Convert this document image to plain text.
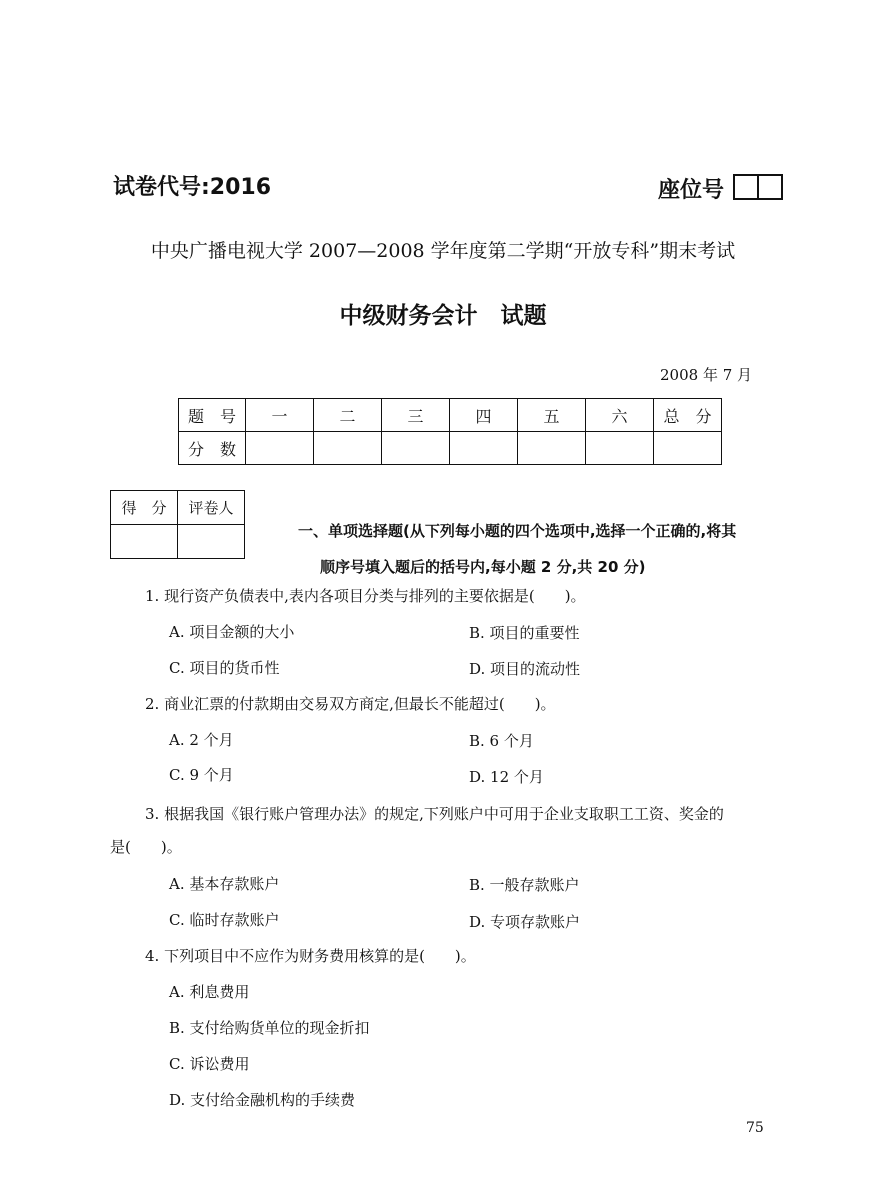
试卷代号:2016	座位号
中央广播电视大学 2007—2008 学年度第二学期“开放专科”期末考试
中级财务会计　试题
2008 年 7 月
题　号	一	二	三	四	五	六	总　分
分　数							
得　分	评卷人

一、单项选择题(从下列每小题的四个选项中,选择一个正确的,将其
顺序号填入题后的括号内,每小题 2 分,共 20 分)
1. 现行资产负债表中,表内各项目分类与排列的主要依据是(　　)。
A. 项目金额的大小	B. 项目的重要性
C. 项目的货币性	D. 项目的流动性
2. 商业汇票的付款期由交易双方商定,但最长不能超过(　　)。
A. 2 个月	B. 6 个月
C. 9 个月	D. 12 个月
3. 根据我国《银行账户管理办法》的规定,下列账户中可用于企业支取职工工资、奖金的
是(　　)。
A. 基本存款账户	B. 一般存款账户
C. 临时存款账户	D. 专项存款账户
4. 下列项目中不应作为财务费用核算的是(　　)。
A. 利息费用
B. 支付给购货单位的现金折扣
C. 诉讼费用
D. 支付给金融机构的手续费
75
